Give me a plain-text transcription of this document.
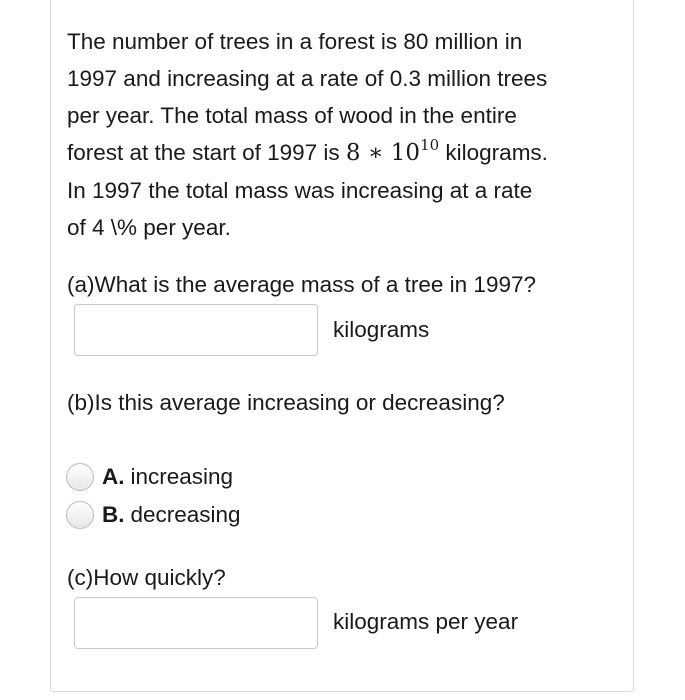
The number of trees in a forest is 80 million in
1997 and increasing at a rate of 0.3 million trees
per year. The total mass of wood in the entire
forest at the start of 1997 is 8 ∗ $10^{10}$ kilograms.
In 1997 the total mass was increasing at a rate
of 4 \% per year.
(a)What is the average mass of a tree in 1997?
kilograms
(b)Is this average increasing or decreasing?
A. increasing
B. decreasing
(c)How quickly?
kilograms per year
